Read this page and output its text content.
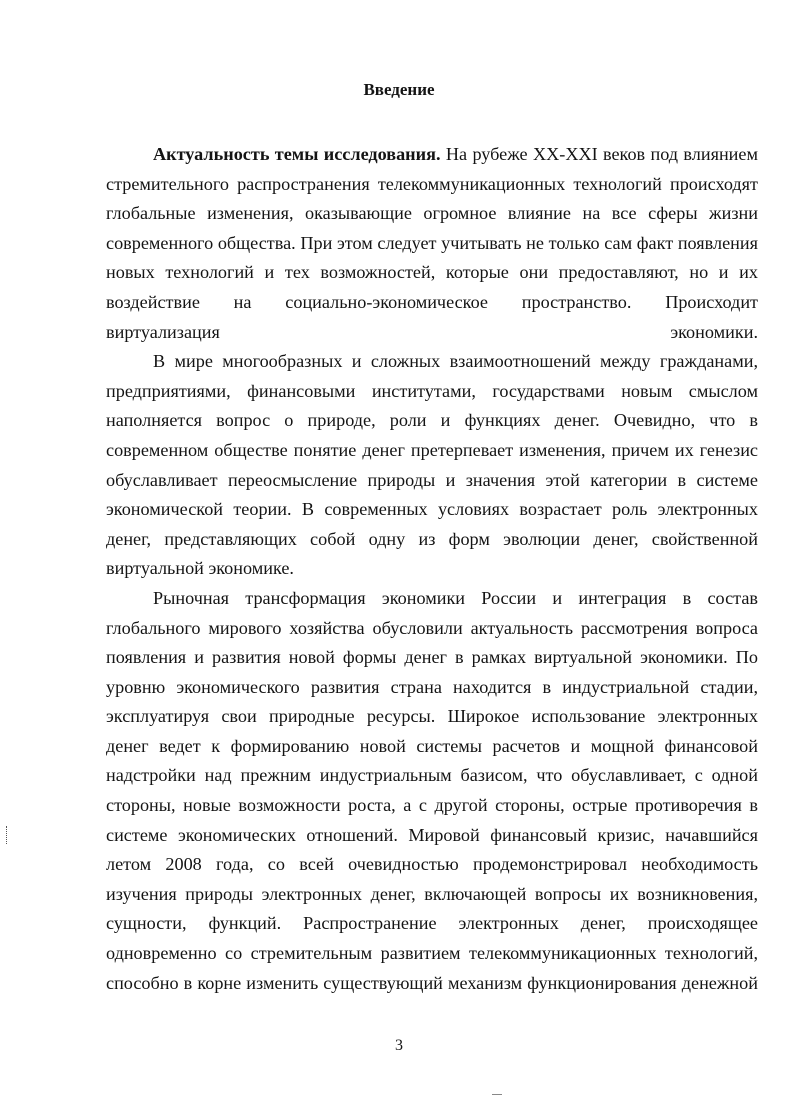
Введение

Актуальность темы исследования. На рубеже XX-XXI веков под влиянием стремительного распространения телекоммуникационных технологий происходят глобальные изменения, оказывающие огромное влияние на все сферы жизни современного общества. При этом следует учитывать не только сам факт появления новых технологий и тех возможностей, которые они предоставляют, но и их воздействие на социально-экономическое пространство. Происходит виртуализация экономики.

В мире многообразных и сложных взаимоотношений между гражданами, предприятиями, финансовыми институтами, государствами новым смыслом наполняется вопрос о природе, роли и функциях денег. Очевидно, что в современном обществе понятие денег претерпевает изменения, причем их генезис обуславливает переосмысление природы и значения этой категории в системе экономической теории. В современных условиях возрастает роль электронных денег, представляющих собой одну из форм эволюции денег, свойственной виртуальной экономике.

Рыночная трансформация экономики России и интеграция в состав глобального мирового хозяйства обусловили актуальность рассмотрения вопроса появления и развития новой формы денег в рамках виртуальной экономики. По уровню экономического развития страна находится в индустриальной стадии, эксплуатируя свои природные ресурсы. Широкое использование электронных денег ведет к формированию новой системы расчетов и мощной финансовой надстройки над прежним индустриальным базисом, что обуславливает, с одной стороны, новые возможности роста, а с другой стороны, острые противоречия в системе экономических отношений. Мировой финансовый кризис, начавшийся летом 2008 года, со всей очевидностью продемонстрировал необходимость изучения природы электронных денег, включающей вопросы их возникновения, сущности, функций. Распространение электронных денег, происходящее одновременно со стремительным развитием телекоммуникационных технологий, способно в корне изменить существующий механизм функционирования денежной

3
